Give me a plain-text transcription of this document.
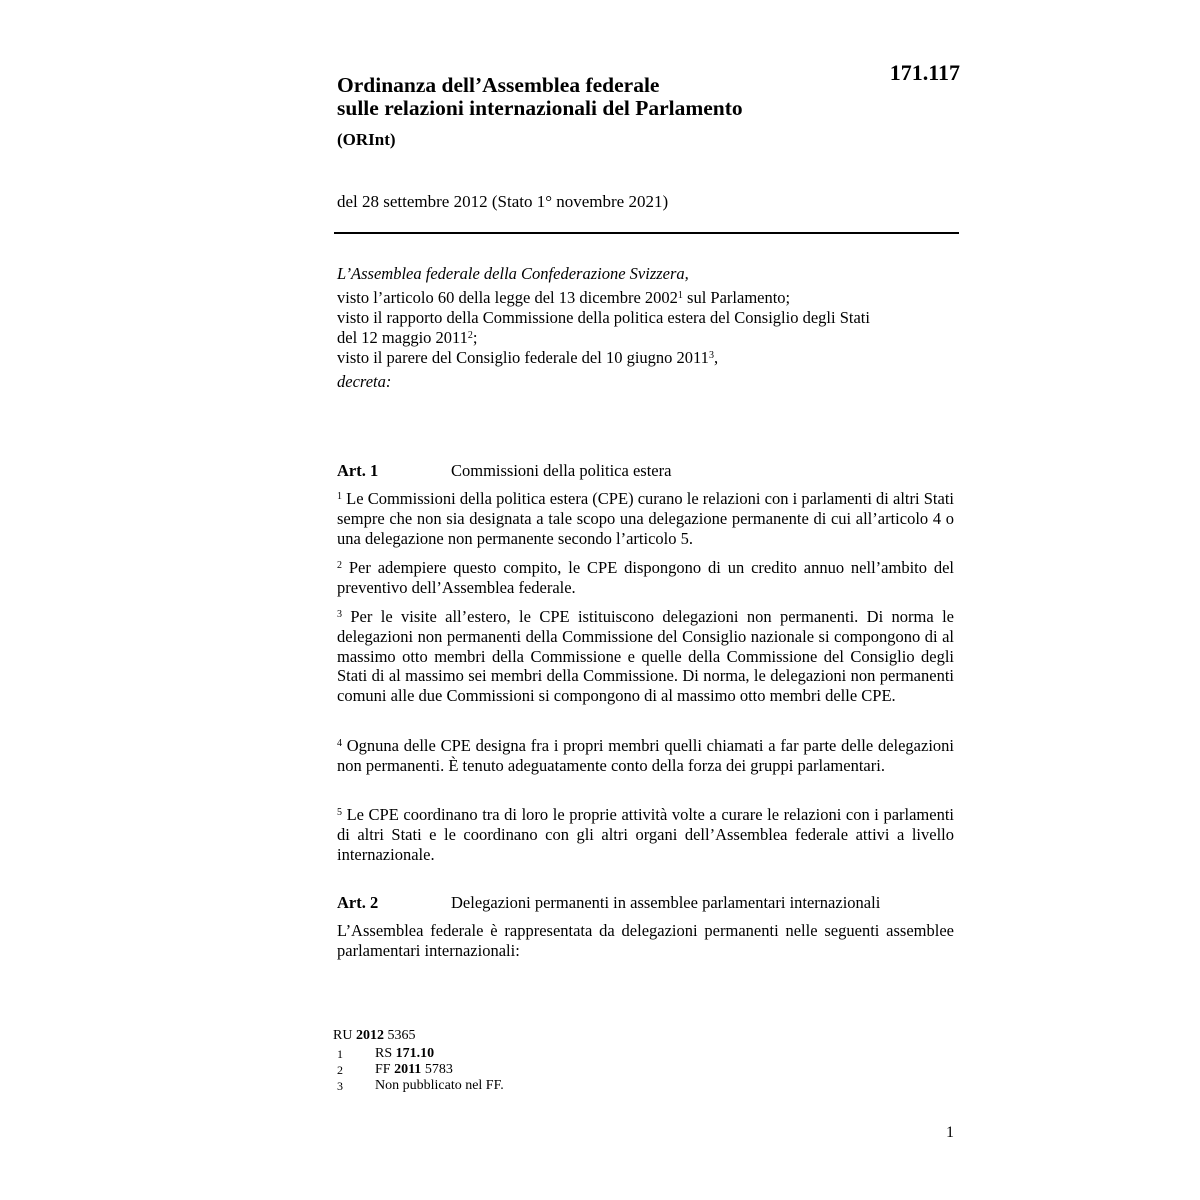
171.117
Ordinanza dell’Assemblea federale
sulle relazioni internazionali del Parlamento
(ORInt)
del 28 settembre 2012 (Stato 1° novembre 2021)
L’Assemblea federale della Confederazione Svizzera,
visto l’articolo 60 della legge del 13 dicembre 2002$^1$ sul Parlamento;
visto il rapporto della Commissione della politica estera del Consiglio degli Stati
del 12 maggio 2011$^2$;
visto il parere del Consiglio federale del 10 giugno 2011$^3$,
decreta:
Art. 1	Commissioni della politica estera
$^1$ Le Commissioni della politica estera (CPE) curano le relazioni con i parlamenti di altri Stati sempre che non sia designata a tale scopo una delegazione permanente di cui all’articolo 4 o una delegazione non permanente secondo l’articolo 5.
$^2$ Per adempiere questo compito, le CPE dispongono di un credito annuo nell’ambito del preventivo dell’Assemblea federale.
$^3$ Per le visite all’estero, le CPE istituiscono delegazioni non permanenti. Di norma le delegazioni non permanenti della Commissione del Consiglio nazionale si compongono di al massimo otto membri della Commissione e quelle della Commissione del Consiglio degli Stati di al massimo sei membri della Commissione. Di norma, le delegazioni non permanenti comuni alle due Commissioni si compongono di al massimo otto membri delle CPE.
$^4$ Ognuna delle CPE designa fra i propri membri quelli chiamati a far parte delle delegazioni non permanenti. È tenuto adeguatamente conto della forza dei gruppi parlamentari.
$^5$ Le CPE coordinano tra di loro le proprie attività volte a curare le relazioni con i parlamenti di altri Stati e le coordinano con gli altri organi dell’Assemblea federale attivi a livello internazionale.
Art. 2	Delegazioni permanenti in assemblee parlamentari internazionali
L’Assemblea federale è rappresentata da delegazioni permanenti nelle seguenti assemblee parlamentari internazionali:
RU 2012 5365
1	RS 171.10
2	FF 2011 5783
3	Non pubblicato nel FF.
1
